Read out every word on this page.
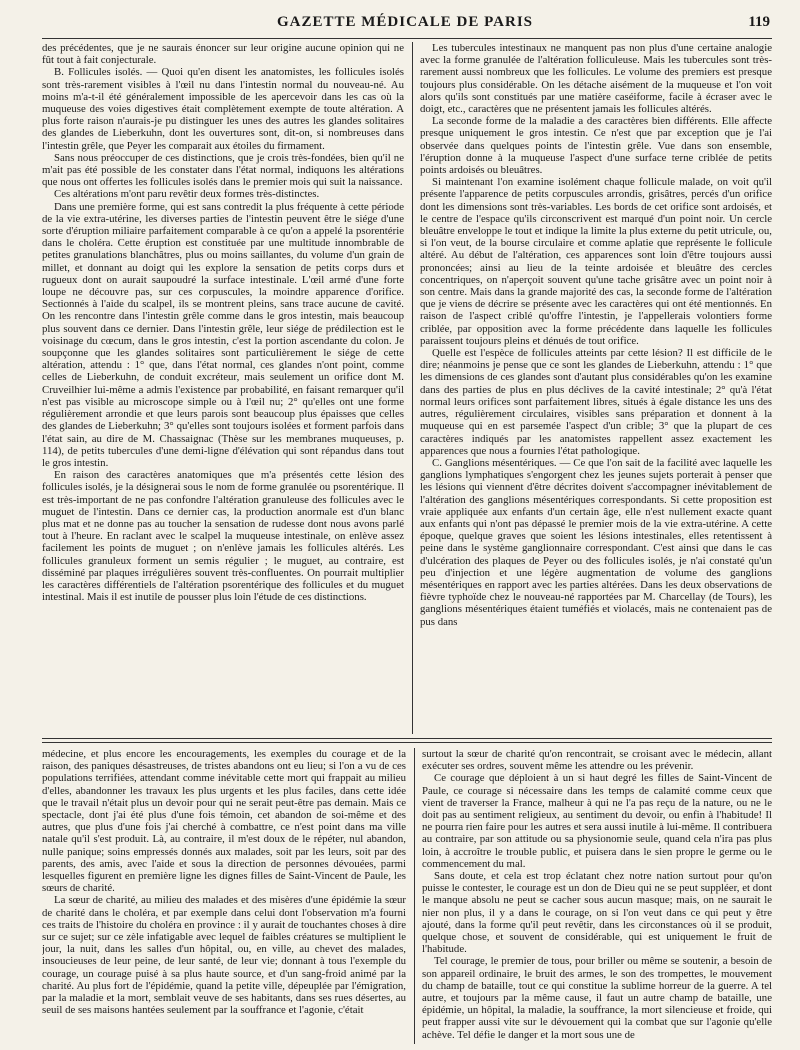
GAZETTE MÉDICALE DE PARIS	119

des précédentes, que je ne saurais énoncer sur leur origine aucune opinion qui ne fût tout à fait conjecturale.

B. Follicules isolés. — Quoi qu'en disent les anatomistes, les follicules isolés sont très-rarement visibles à l'œil nu dans l'intestin normal du nouveau-né. Au moins m'a-t-il été généralement impossible de les apercevoir dans les cas où la muqueuse des voies digestives était complètement exempte de toute altération. A plus forte raison n'aurais-je pu distinguer les unes des autres les glandes solitaires des glandes de Lieberkuhn, dont les ouvertures sont, dit-on, si nombreuses dans l'intestin grêle, que Peyer les comparait aux étoiles du firmament.

Sans nous préoccuper de ces distinctions, que je crois très-fondées, bien qu'il ne m'ait pas été possible de les constater dans l'état normal, indiquons les altérations que nous ont offertes les follicules isolés dans le premier mois qui suit la naissance.

Ces altérations m'ont paru revêtir deux formes très-distinctes.

Dans une première forme, qui est sans contredit la plus fréquente à cette période de la vie extra-utérine, les diverses parties de l'intestin peuvent être le siége d'une sorte d'éruption miliaire parfaitement comparable à ce qu'on a appelé la psorentérie dans le choléra. Cette éruption est constituée par une multitude innombrable de petites granulations blanchâtres, plus ou moins saillantes, du volume d'un grain de millet, et donnant au doigt qui les explore la sensation de petits corps durs et rugueux dont on aurait saupoudré la surface intestinale. L'œil armé d'une forte loupe ne découvre pas, sur ces corpuscules, la moindre apparence d'orifice. Sectionnés à l'aide du scalpel, ils se montrent pleins, sans trace aucune de cavité. On les rencontre dans l'intestin grêle comme dans le gros intestin, mais beaucoup plus souvent dans ce dernier. Dans l'intestin grêle, leur siége de prédilection est le voisinage du cœcum, dans le gros intestin, c'est la portion ascendante du colon. Je soupçonne que les glandes solitaires sont particulièrement le siége de cette altération, attendu : 1° que, dans l'état normal, ces glandes n'ont point, comme celles de Lieberkuhn, de conduit excréteur, mais seulement un orifice dont M. Cruveilhier lui-même a admis l'existence par probabilité, en faisant remarquer qu'il n'est pas visible au microscope simple ou à l'œil nu; 2° qu'elles ont une forme régulièrement arrondie et que leurs parois sont beaucoup plus épaisses que celles des glandes de Lieberkuhn; 3° qu'elles sont toujours isolées et forment parfois dans l'état sain, au dire de M. Chassaignac (Thèse sur les membranes muqueuses, p. 114), de petits tubercules d'une demi-ligne d'élévation qui sont répandus dans tout le gros intestin.

En raison des caractères anatomiques que m'a présentés cette lésion des follicules isolés, je la désignerai sous le nom de forme granulée ou psorentérique. Il est très-important de ne pas confondre l'altération granuleuse des follicules avec le muguet de l'intestin. Dans ce dernier cas, la production anormale est d'un blanc plus mat et ne donne pas au toucher la sensation de rudesse dont nous avons parlé tout à l'heure. En raclant avec le scalpel la muqueuse intestinale, on enlève assez facilement les points de muguet ; on n'enlève jamais les follicules altérés. Les follicules granuleux forment un semis régulier ; le muguet, au contraire, est disséminé par plaques irrégulières souvent très-confluentes. On pourrait multiplier les caractères différentiels de l'altération psorentérique des follicules et du muguet intestinal. Mais il est inutile de pousser plus loin l'étude de ces distinctions.

Les tubercules intestinaux ne manquent pas non plus d'une certaine analogie avec la forme granulée de l'altération folliculeuse. Mais les tubercules sont très-rarement aussi nombreux que les follicules. Le volume des premiers est presque toujours plus considérable. On les détache aisément de la muqueuse et l'on voit alors qu'ils sont constitués par une matière caséiforme, facile à écraser avec le doigt, etc., caractères que ne présentent jamais les follicules altérés.

La seconde forme de la maladie a des caractères bien différents. Elle affecte presque uniquement le gros intestin. Ce n'est que par exception que je l'ai observée dans quelques points de l'intestin grêle. Vue dans son ensemble, l'éruption donne à la muqueuse l'aspect d'une surface terne criblée de petits points ardoisés ou bleuâtres.

Si maintenant l'on examine isolément chaque follicule malade, on voit qu'il présente l'apparence de petits corpuscules arrondis, grisâtres, percés d'un orifice dont les dimensions sont très-variables. Les bords de cet orifice sont ardoisés, et le centre de l'espace qu'ils circonscrivent est marqué d'un point noir. Un cercle bleuâtre enveloppe le tout et indique la limite la plus externe du petit utricule, ou, si l'on veut, de la bourse circulaire et comme aplatie que représente le follicule altéré. Au début de l'altération, ces apparences sont loin d'être toujours aussi prononcées; ainsi au lieu de la teinte ardoisée et bleuâtre des cercles concentriques, on n'aperçoit souvent qu'une tache grisâtre avec un point noir à son centre. Mais dans la grande majorité des cas, la seconde forme de l'altération que je viens de décrire se présente avec les caractères qui ont été mentionnés. En raison de l'aspect criblé qu'offre l'intestin, je l'appellerais volontiers forme criblée, par opposition avec la forme précédente dans laquelle les follicules paraissent toujours pleins et dénués de tout orifice.

Quelle est l'espèce de follicules atteints par cette lésion? Il est difficile de le dire; néanmoins je pense que ce sont les glandes de Lieberkuhn, attendu : 1° que les dimensions de ces glandes sont d'autant plus considérables qu'on les examine dans des parties de plus en plus déclives de la cavité intestinale; 2° qu'à l'état normal leurs orifices sont parfaitement libres, situés à égale distance les uns des autres, régulièrement circulaires, visibles sans préparation et donnent à la muqueuse qui en est parsemée l'aspect d'un crible; 3° que la plupart de ces caractères indiqués par les anatomistes rappellent assez exactement les apparences que nous a fournies l'état pathologique.

C. Ganglions mésentériques. — Ce que l'on sait de la facilité avec laquelle les ganglions lymphatiques s'engorgent chez les jeunes sujets porterait à penser que les lésions qui viennent d'être décrites doivent s'accompagner inévitablement de l'altération des ganglions mésentériques correspondants. Si cette proposition est vraie appliquée aux enfants d'un certain âge, elle n'est nullement exacte quant aux enfants qui n'ont pas dépassé le premier mois de la vie extra-utérine. A cette époque, quelque graves que soient les lésions intestinales, elles retentissent à peine dans le système ganglionnaire correspondant. C'est ainsi que dans le cas d'ulcération des plaques de Peyer ou des follicules isolés, je n'ai constaté qu'un peu d'injection et une légère augmentation de volume des ganglions mésentériques en rapport avec les parties altérées. Dans les deux observations de fièvre typhoïde chez le nouveau-né rapportées par M. Charcellay (de Tours), les ganglions mésentériques étaient tuméfiés et violacés, mais ne contenaient pas de pus dans

médecine, et plus encore les encouragements, les exemples du courage et de la raison, des paniques désastreuses, de tristes abandons ont eu lieu; si l'on a vu de ces populations terrifiées, attendant comme inévitable cette mort qui frappait au milieu d'elles, abandonner les travaux les plus urgents et les plus faciles, dans cette idée que le travail n'était plus un devoir pour qui ne serait peut-être pas demain. Mais ce spectacle, dont j'ai été plus d'une fois témoin, cet abandon de soi-même et des autres, que plus d'une fois j'ai cherché à combattre, ce n'est point dans ma ville natale qu'il s'est produit. Là, au contraire, il m'est doux de le répéter, nul abandon, nulle panique; soins empressés donnés aux malades, soit par les leurs, soit par des parents, des amis, avec l'aide et sous la direction de personnes dévouées, parmi lesquelles figurent en première ligne les dignes filles de Saint-Vincent de Paule, les sœurs de charité.

La sœur de charité, au milieu des malades et des misères d'une épidémie la sœur de charité dans le choléra, et par exemple dans celui dont l'observation m'a fourni ces traits de l'histoire du choléra en province : il y aurait de touchantes choses à dire sur ce sujet; sur ce zèle infatigable avec lequel de faibles créatures se multiplient le jour, la nuit, dans les salles d'un hôpital, ou, en ville, au chevet des malades, insoucieuses de leur peine, de leur santé, de leur vie; donnant à tous l'exemple du courage, un courage puisé à sa plus haute source, et d'un sang-froid animé par la charité. Au plus fort de l'épidémie, quand la petite ville, dépeuplée par l'émigration, par la maladie et la mort, semblait veuve de ses habitants, dans ses rues désertes, au seuil de ses maisons hantées seulement par la souffrance et l'agonie, c'était

surtout la sœur de charité qu'on rencontrait, se croisant avec le médecin, allant exécuter ses ordres, souvent même les attendre ou les prévenir.

Ce courage que déploient à un si haut degré les filles de Saint-Vincent de Paule, ce courage si nécessaire dans les temps de calamité comme ceux que vient de traverser la France, malheur à qui ne l'a pas reçu de la nature, ou ne le doit pas au sentiment religieux, au sentiment du devoir, ou enfin à l'habitude! Il ne pourra rien faire pour les autres et sera aussi inutile à lui-même. Il contribuera au contraire, par son attitude ou sa physionomie seule, quand cela n'ira pas plus loin, à accroître le trouble public, et puisera dans le sien propre le germe ou le commencement du mal.

Sans doute, et cela est trop éclatant chez notre nation surtout pour qu'on puisse le contester, le courage est un don de Dieu qui ne se peut suppléer, et dont le manque absolu ne peut se cacher sous aucun masque; mais, on ne saurait le nier non plus, il y a dans le courage, on si l'on veut dans ce qui peut y être ajouté, dans la forme qu'il peut revêtir, dans les circonstances où il se produit, quelque chose, et souvent de considérable, qui est uniquement le fruit de l'habitude.

Tel courage, le premier de tous, pour briller ou même se soutenir, a besoin de son appareil ordinaire, le bruit des armes, le son des trompettes, le mouvement du champ de bataille, tout ce qui constitue la sublime horreur de la guerre. A tel autre, et toujours par la même cause, il faut un autre champ de bataille, une épidémie, un hôpital, la maladie, la souffrance, la mort silencieuse et froide, qui peut frapper aussi vite sur le dévouement qui la combat que sur l'agonie qu'elle achève. Tel défie le danger et la mort sous une de
